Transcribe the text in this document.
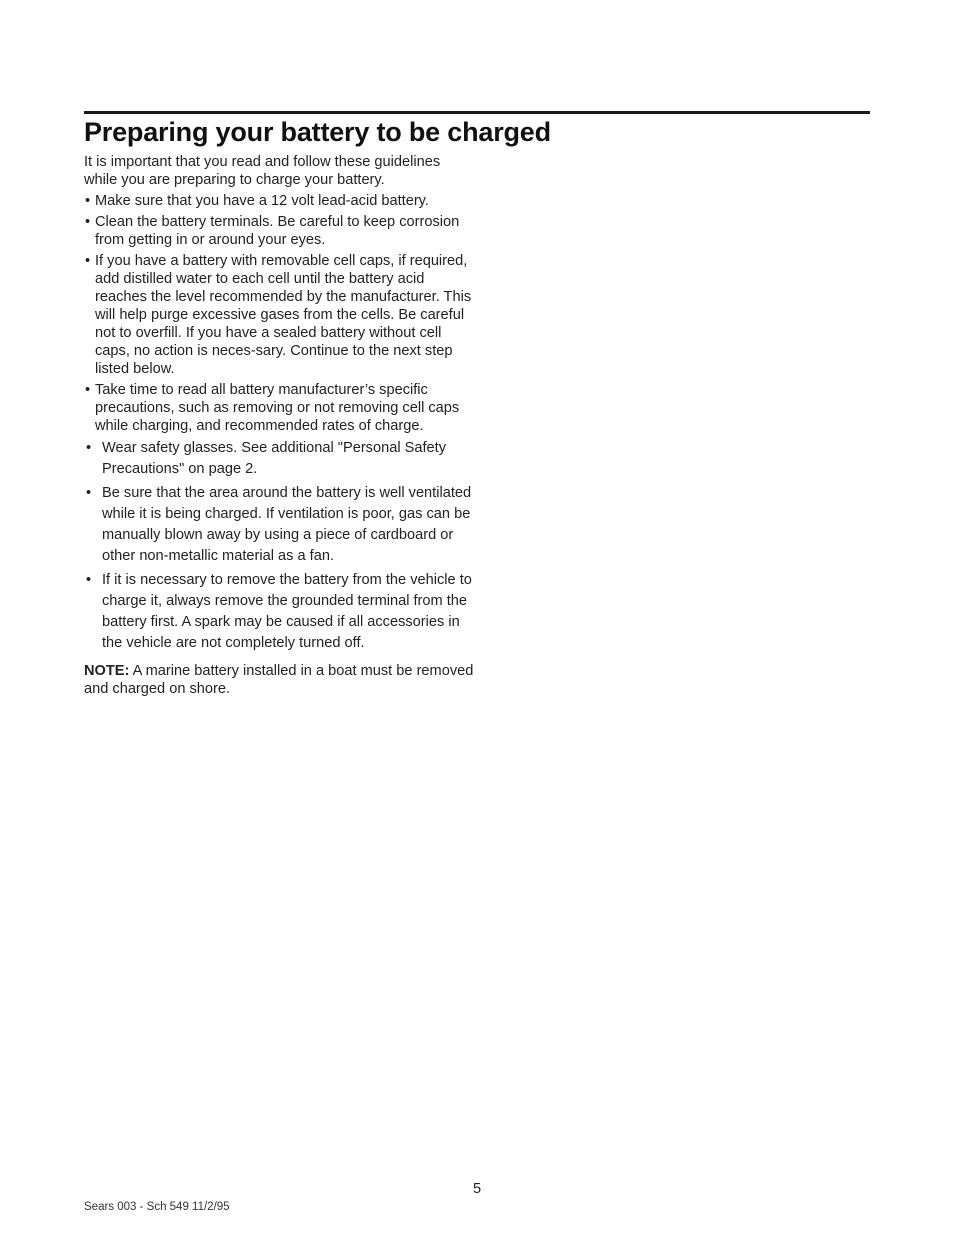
Preparing your battery to be charged

It is important that you read and follow these guidelines while you are preparing to charge your battery.

• Make sure that you have a 12 volt lead-acid battery.
• Clean the battery terminals. Be careful to keep corrosion from getting in or around your eyes.
• If you have a battery with removable cell caps, if required, add distilled water to each cell until the battery acid reaches the level recommended by the manufacturer. This will help purge excessive gases from the cells. Be careful not to overfill. If you have a sealed battery without cell caps, no action is neces-sary. Continue to the next step listed below.
• Take time to read all battery manufacturer’s specific precautions, such as removing or not removing cell caps while charging, and recommended rates of charge.
• Wear safety glasses. See additional "Personal Safety Precautions" on page 2.
• Be sure that the area around the battery is well ventilated while it is being charged. If ventilation is poor, gas can be manually blown away by using a piece of cardboard or other non-metallic material as a fan.
• If it is necessary to remove the battery from the vehicle to charge it, always remove the grounded terminal from the battery first. A spark may be caused if all accessories in the vehicle are not completely turned off.

NOTE: A marine battery installed in a boat must be removed and charged on shore.

5
Sears 003 - Sch 549 11/2/95
